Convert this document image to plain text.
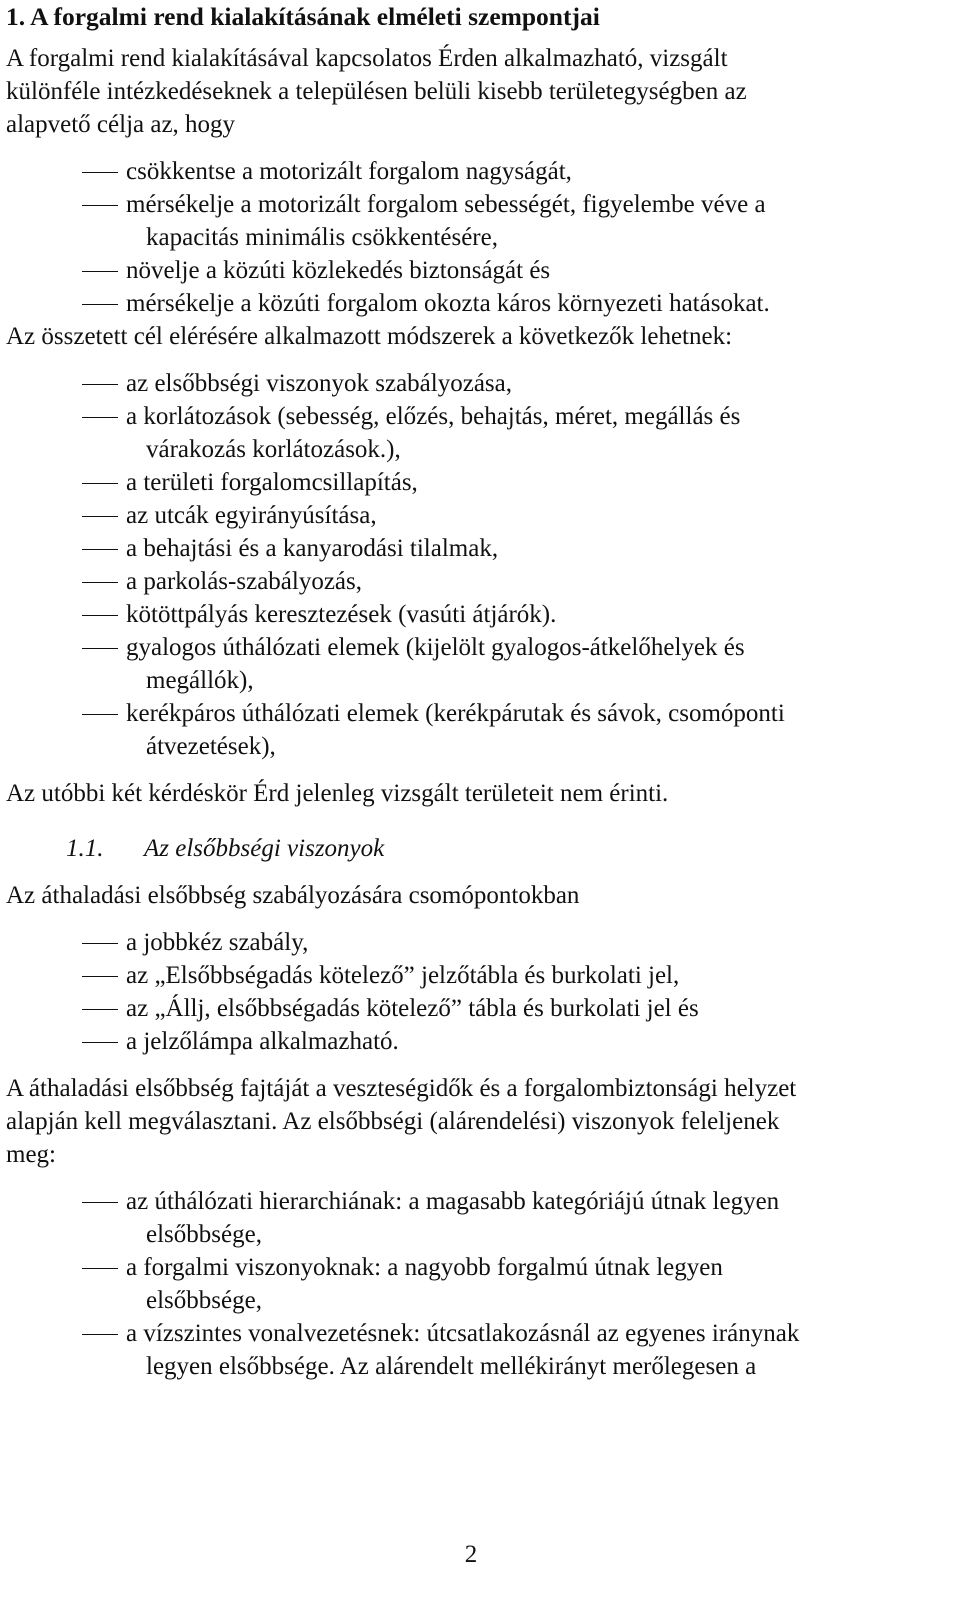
1. A forgalmi rend kialakításának elméleti szempontjai

A forgalmi rend kialakításával kapcsolatos Érden alkalmazható, vizsgált

különféle intézkedéseknek a településen belüli kisebb területegységben az

alapvető célja az, hogy

csökkentse a motorizált forgalom nagyságát,
mérsékelje a motorizált forgalom sebességét, figyelembe véve a
kapacitás minimális csökkentésére,
növelje a közúti közlekedés biztonságát és
mérsékelje a közúti forgalom okozta káros környezeti hatásokat.

Az összetett cél elérésére alkalmazott módszerek a következők lehetnek:

az elsőbbségi viszonyok szabályozása,
a korlátozások (sebesség, előzés, behajtás, méret, megállás és
várakozás korlátozások.),
a területi forgalomcsillapítás,
az utcák egyirányúsítása,
a behajtási és a kanyarodási tilalmak,
a parkolás-szabályozás,
kötöttpályás keresztezések (vasúti átjárók).
gyalogos úthálózati elemek (kijelölt gyalogos-átkelőhelyek és
megállók),
kerékpáros úthálózati elemek (kerékpárutak és sávok, csomóponti
átvezetések),

Az utóbbi két kérdéskör Érd jelenleg vizsgált területeit nem érinti.

1.1. Az elsőbbségi viszonyok

Az áthaladási elsőbbség szabályozására csomópontokban

a jobbkéz szabály,
az „Elsőbbségadás kötelező” jelzőtábla és burkolati jel,
az „Állj, elsőbbségadás kötelező” tábla és burkolati jel és
a jelzőlámpa alkalmazható.

A áthaladási elsőbbség fajtáját a veszteségidők és a forgalombiztonsági helyzet

alapján kell megválasztani. Az elsőbbségi (alárendelési) viszonyok feleljenek

meg:

az úthálózati hierarchiának: a magasabb kategóriájú útnak legyen
elsőbbsége,
a forgalmi viszonyoknak: a nagyobb forgalmú útnak legyen
elsőbbsége,
a vízszintes vonalvezetésnek: útcsatlakozásnál az egyenes iránynak
legyen elsőbbsége. Az alárendelt mellékirányt merőlegesen a
2
